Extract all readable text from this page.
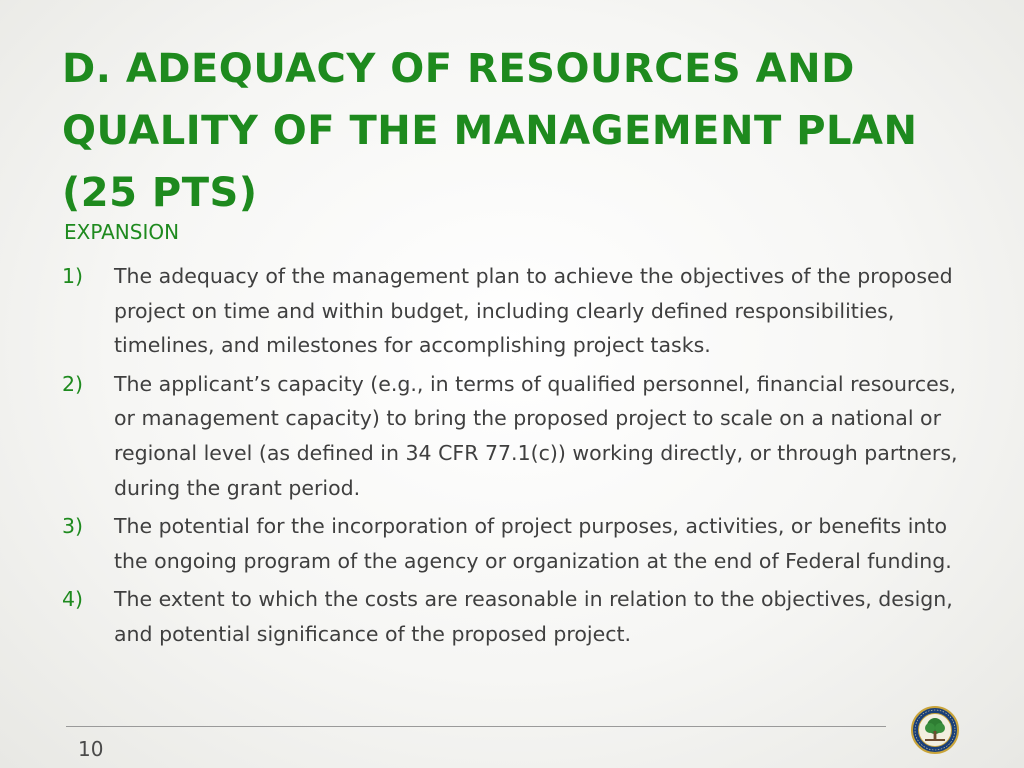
D. ADEQUACY OF RESOURCES AND QUALITY OF THE MANAGEMENT PLAN (25 PTS)
EXPANSION
1) The adequacy of the management plan to achieve the objectives of the proposed project on time and within budget, including clearly defined responsibilities, timelines, and milestones for accomplishing project tasks.
2) The applicant’s capacity (e.g., in terms of qualified personnel, financial resources, or management capacity) to bring the proposed project to scale on a national or regional level (as defined in 34 CFR 77.1(c)) working directly, or through partners, during the grant period.
3) The potential for the incorporation of project purposes, activities, or benefits into the ongoing program of the agency or organization at the end of Federal funding.
4) The extent to which the costs are reasonable in relation to the objectives, design, and potential significance of the proposed project.
10
